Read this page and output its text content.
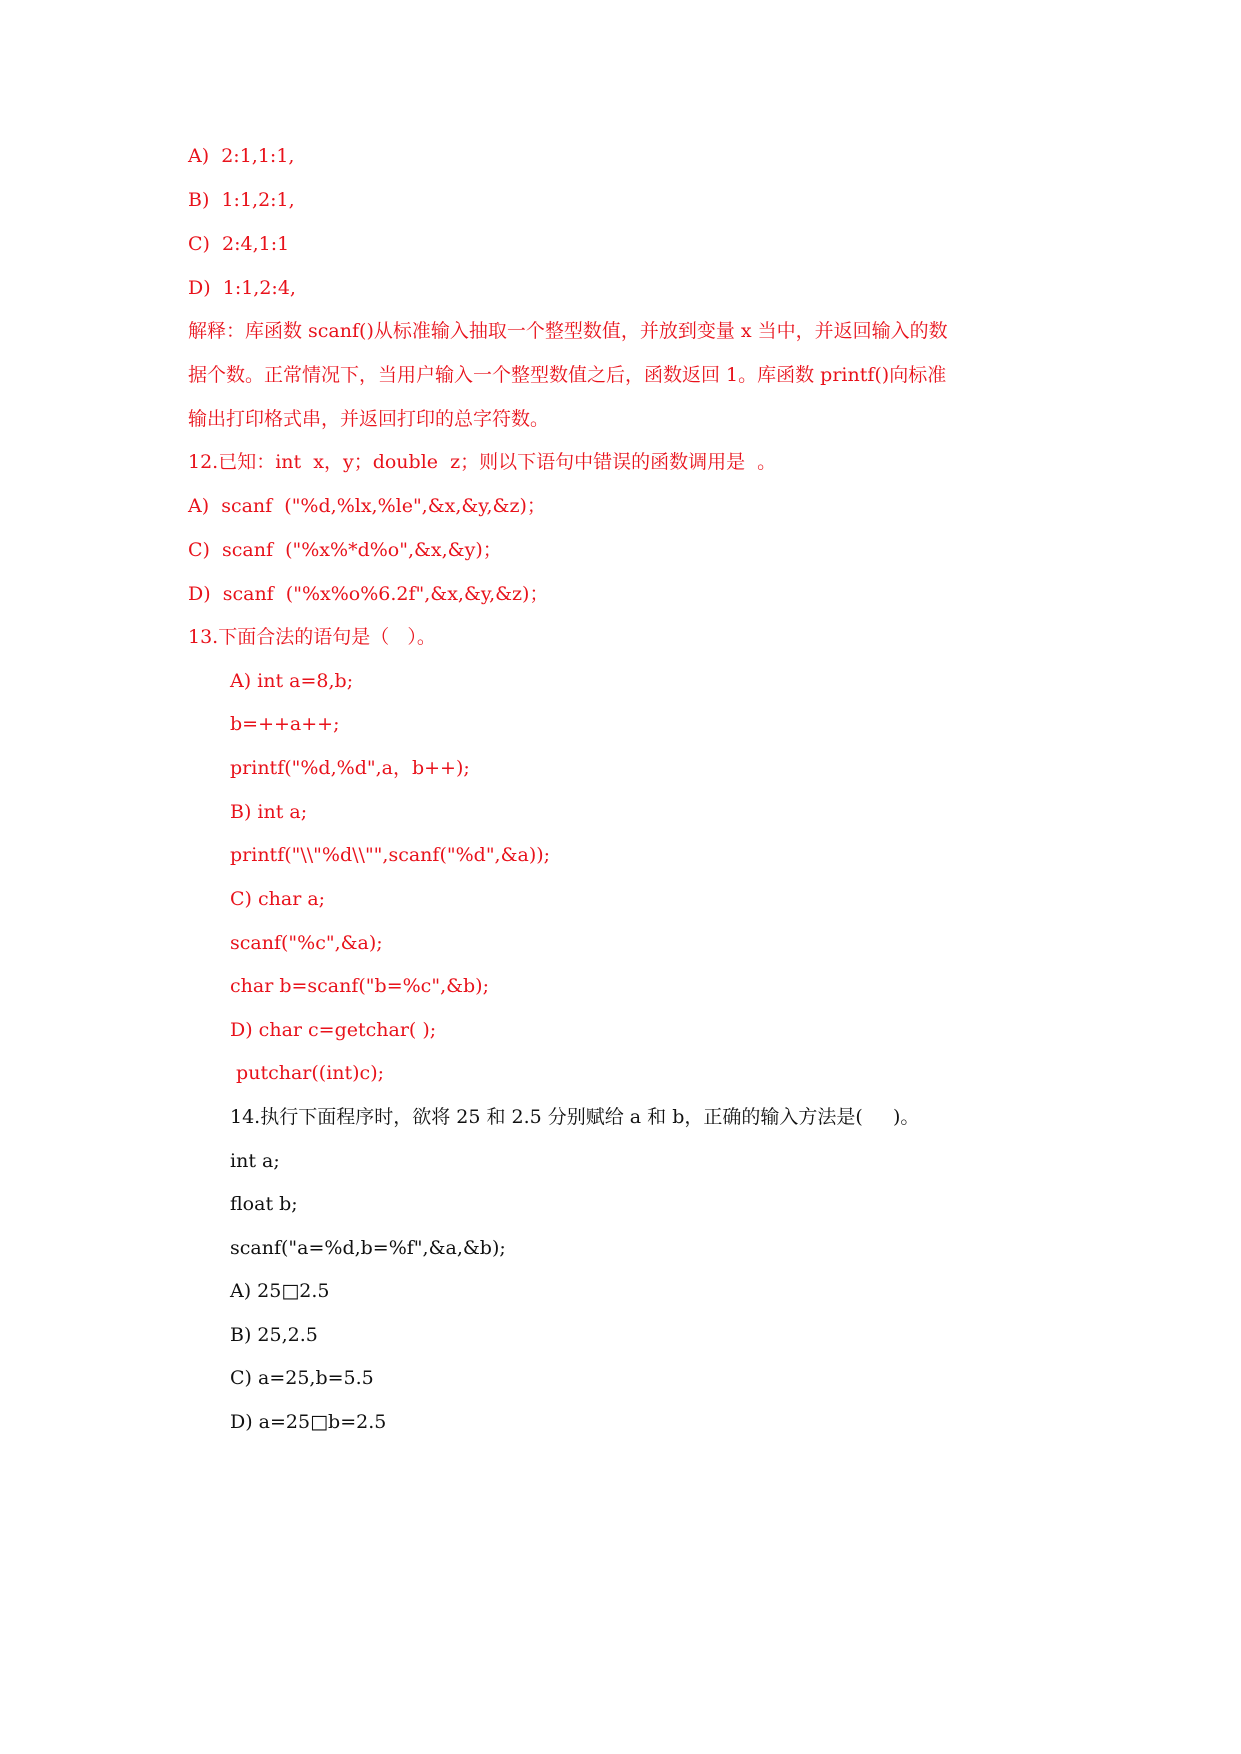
A)  2:1,1:1,
B)  1:1,2:1,
C)  2:4,1:1
D)  1:1,2:4,
解释：库函数 scanf()从标准输入抽取一个整型数值，并放到变量 x 当中，并返回输入的数
据个数。正常情况下，当用户输入一个整型数值之后，函数返回 1。库函数 printf()向标准
输出打印格式串，并返回打印的总字符数。
12.已知：int  x，y；double  z；则以下语句中错误的函数调用是  。
A)  scanf  ("%d,%lx,%le",&x,&y,&z)；
C)  scanf  ("%x%*d%o",&x,&y)；
D)  scanf  ("%x%o%6.2f",&x,&y,&z)；
13.下面合法的语句是（   ）。
A) int a=8,b;
b=++a++;
printf("%d,%d",a，b++);
B) int a;
printf("\\"%d\\"",scanf("%d",&a));
C) char a;
scanf("%c",&a);
char b=scanf("b=%c",&b);
D) char c=getchar( );
putchar((int)c);
14.执行下面程序时，欲将 25 和 2.5 分别赋给 a 和 b，正确的输入方法是(     )。
int a;
float b;
scanf("a=%d,b=%f",&a,&b);
A) 25□2.5
B) 25,2.5
C) a=25,b=5.5
D) a=25□b=2.5
